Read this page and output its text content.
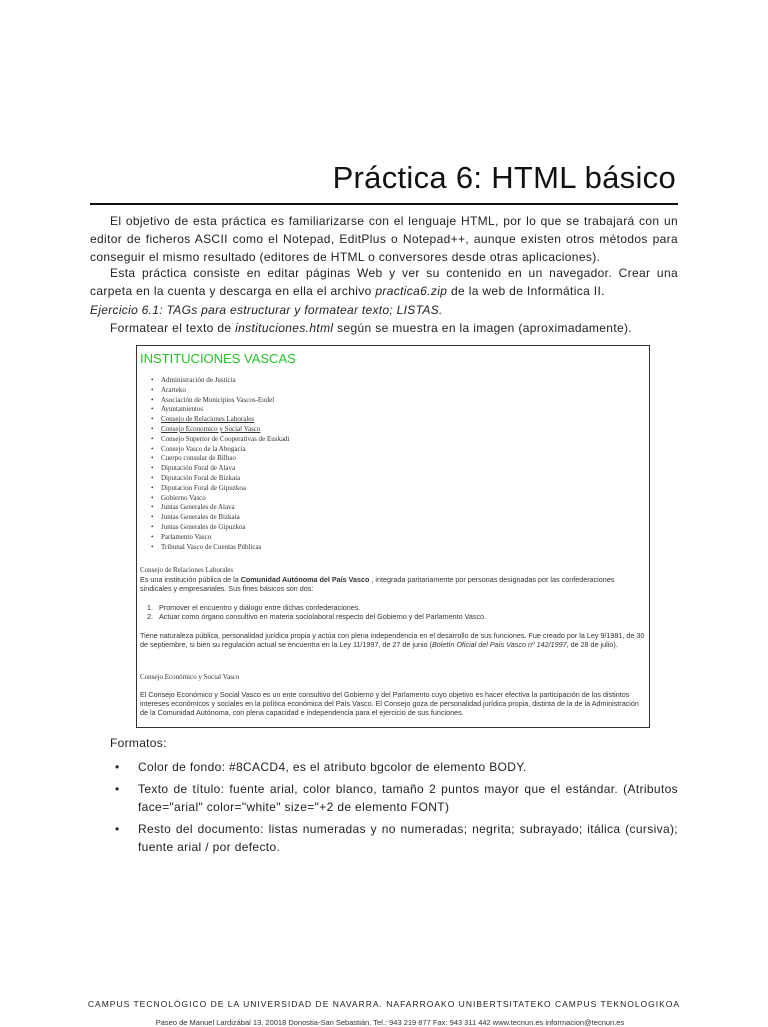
Práctica 6: HTML básico

El objetivo de esta práctica es familiarizarse con el lenguaje HTML, por lo que se trabajará con un editor de ficheros ASCII como el Notepad, EditPlus o Notepad++, aunque existen otros métodos para conseguir el mismo resultado (editores de HTML o conversores desde otras aplicaciones).

Esta práctica consiste en editar páginas Web y ver su contenido en un navegador. Crear una carpeta en la cuenta y descarga en ella el archivo practica6.zip de la web de Informática II.

Ejercicio 6.1: TAGs para estructurar y formatear texto; LISTAS.

Formatear el texto de instituciones.html según se muestra en la imagen (aproximadamente).

INSTITUCIONES VASCAS

• Administración de Justicia
• Ararteko
• Asociación de Municipios Vascos-Eudel
• Ayuntamientos
• Consejo de Relaciones Laborales
• Consejo Economico y Social Vasco
• Consejo Superior de Cooperativas de Euskadi
• Consejo Vasco de la Abogacía
• Cuerpo consular de Bilbao
• Diputación Foral de Alava
• Diputación Foral de Bizkaia
• Diputacion Foral de Gipuzkoa
• Gobierno Vasco
• Juntas Generales de Alava
• Juntas Generales de Bizkaia
• Juntas Generales de Gipuzkoa
• Parlamento Vasco
• Tribunal Vasco de Cuentas Públicas

Consejo de Relaciones Laborales

Es una institución pública de la Comunidad Autónoma del País Vasco , integrada paritariamente por personas designadas por las confederaciones sindicales y empresariales. Sus fines básicos son dos:

1. Promover el encuentro y diálogo entre dichas confederaciones.
2. Actuar como órgano consultivo en materia sociolaboral respecto del Gobierno y del Parlamento Vasco.

Tiene naturaleza pública, personalidad jurídica propia y actúa con plena independencia en el desarrollo de sus funciones. Fue creado por la Ley 9/1981, de 30 de septiembre, si bien su regulación actual se encuentra en la Ley 11/1997, de 27 de junio (Boletín Oficial del País Vasco nº 142/1997, de 28 de julio).

Consejo Económico y Social Vasco

El Consejo Económico y Social Vasco es un ente consultivo del Gobierno y del Parlamento cuyo objetivo es hacer efectiva la participación de los distintos intereses económicos y sociales en la política económica del País Vasco. El Consejo goza de personalidad jurídica propia, distinta de la de la Administración de la Comunidad Autónoma, con plena capacidad e independencia para el ejercicio de sus funciones.

Formatos:

• Color de fondo: #8CACD4, es el atributo bgcolor de elemento BODY.
• Texto de título: fuente arial, color blanco, tamaño 2 puntos mayor que el estándar. (Atributos face="arial" color="white" size="+2 de elemento FONT)
• Resto del documento: listas numeradas y no numeradas; negrita; subrayado; itálica (cursiva); fuente arial / por defecto.

CAMPUS TECNOLÓGICO DE LA UNIVERSIDAD DE NAVARRA. NAFARROAKO UNIBERTSITATEKO CAMPUS TEKNOLOGIKOA

Paseo de Manuel Lardizábal 13. 20018 Donostia-San Sebastián. Tel.: 943 219 877 Fax: 943 311 442 www.tecnun.es informacion@tecnun.es
